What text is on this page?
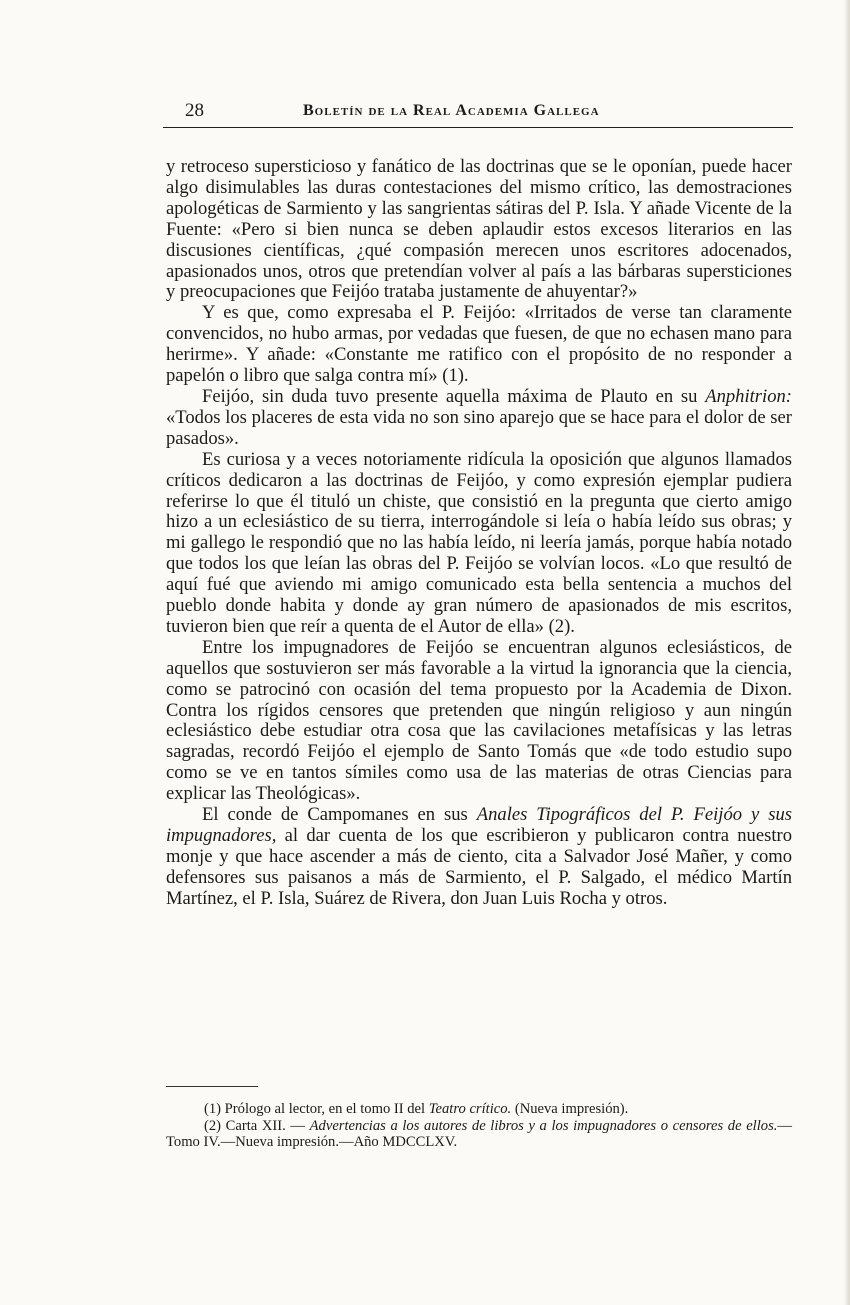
28	Boletín de la Real Academia Gallega

y retroceso supersticioso y fanático de las doctrinas que se le oponían, puede hacer algo disimulables las duras contestaciones del mismo crítico, las demostraciones apologéticas de Sarmiento y las sangrientas sátiras del P. Isla. Y añade Vicente de la Fuente: «Pero si bien nunca se deben aplaudir estos excesos literarios en las discusiones científicas, ¿qué compasión merecen unos escritores adocenados, apasionados unos, otros que pretendían volver al país a las bárbaras supersticiones y preocupaciones que Feijóo trataba justamente de ahuyentar?»

Y es que, como expresaba el P. Feijóo: «Irritados de verse tan claramente convencidos, no hubo armas, por vedadas que fuesen, de que no echasen mano para herirme». Y añade: «Constante me ratifico con el propósito de no responder a papelón o libro que salga contra mí» (1).

Feijóo, sin duda tuvo presente aquella máxima de Plauto en su Anphitrion: «Todos los placeres de esta vida no son sino aparejo que se hace para el dolor de ser pasados».

Es curiosa y a veces notoriamente ridícula la oposición que algunos llamados críticos dedicaron a las doctrinas de Feijóo, y como expresión ejemplar pudiera referirse lo que él tituló un chiste, que consistió en la pregunta que cierto amigo hizo a un eclesiástico de su tierra, interrogándole si leía o había leído sus obras; y mi gallego le respondió que no las había leído, ni leería jamás, porque había notado que todos los que leían las obras del P. Feijóo se volvían locos. «Lo que resultó de aquí fué que aviendo mi amigo comunicado esta bella sentencia a muchos del pueblo donde habita y donde ay gran número de apasionados de mis escritos, tuvieron bien que reír a quenta de el Autor de ella» (2).

Entre los impugnadores de Feijóo se encuentran algunos eclesiásticos, de aquellos que sostuvieron ser más favorable a la virtud la ignorancia que la ciencia, como se patrocinó con ocasión del tema propuesto por la Academia de Dixon. Contra los rígidos censores que pretenden que ningún religioso y aun ningún eclesiástico debe estudiar otra cosa que las cavilaciones metafísicas y las letras sagradas, recordó Feijóo el ejemplo de Santo Tomás que «de todo estudio supo como se ve en tantos símiles como usa de las materias de otras Ciencias para explicar las Theológicas».

El conde de Campomanes en sus Anales Tipográficos del P. Feijóo y sus impugnadores, al dar cuenta de los que escribieron y publicaron contra nuestro monje y que hace ascender a más de ciento, cita a Salvador José Mañer, y como defensores sus paisanos a más de Sarmiento, el P. Salgado, el médico Martín Martínez, el P. Isla, Suárez de Rivera, don Juan Luis Rocha y otros.

(1) Prólogo al lector, en el tomo II del Teatro crítico. (Nueva impresión).

(2) Carta XII. — Advertencias a los autores de libros y a los impugnadores o censores de ellos.—Tomo IV.—Nueva impresión.—Año MDCCLXV.
